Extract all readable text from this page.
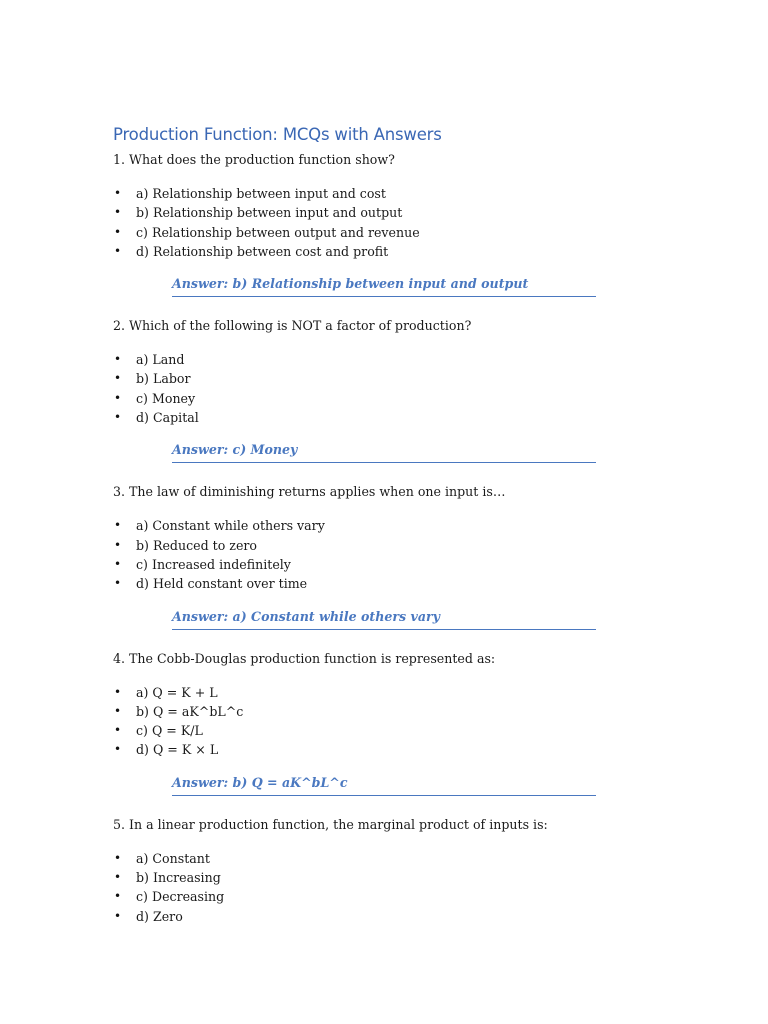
Production Function: MCQs with Answers

1. What does the production function show?

• a) Relationship between input and cost
• b) Relationship between input and output
• c) Relationship between output and revenue
• d) Relationship between cost and profit
Answer: b) Relationship between input and output

2. Which of the following is NOT a factor of production?

• a) Land
• b) Labor
• c) Money
• d) Capital
Answer: c) Money

3. The law of diminishing returns applies when one input is…

• a) Constant while others vary
• b) Reduced to zero
• c) Increased indefinitely
• d) Held constant over time
Answer: a) Constant while others vary

4. The Cobb-Douglas production function is represented as:

• a) Q = K + L
• b) Q = aK^bL^c
• c) Q = K/L
• d) Q = K × L
Answer: b) Q = aK^bL^c

5. In a linear production function, the marginal product of inputs is:

• a) Constant
• b) Increasing
• c) Decreasing
• d) Zero
